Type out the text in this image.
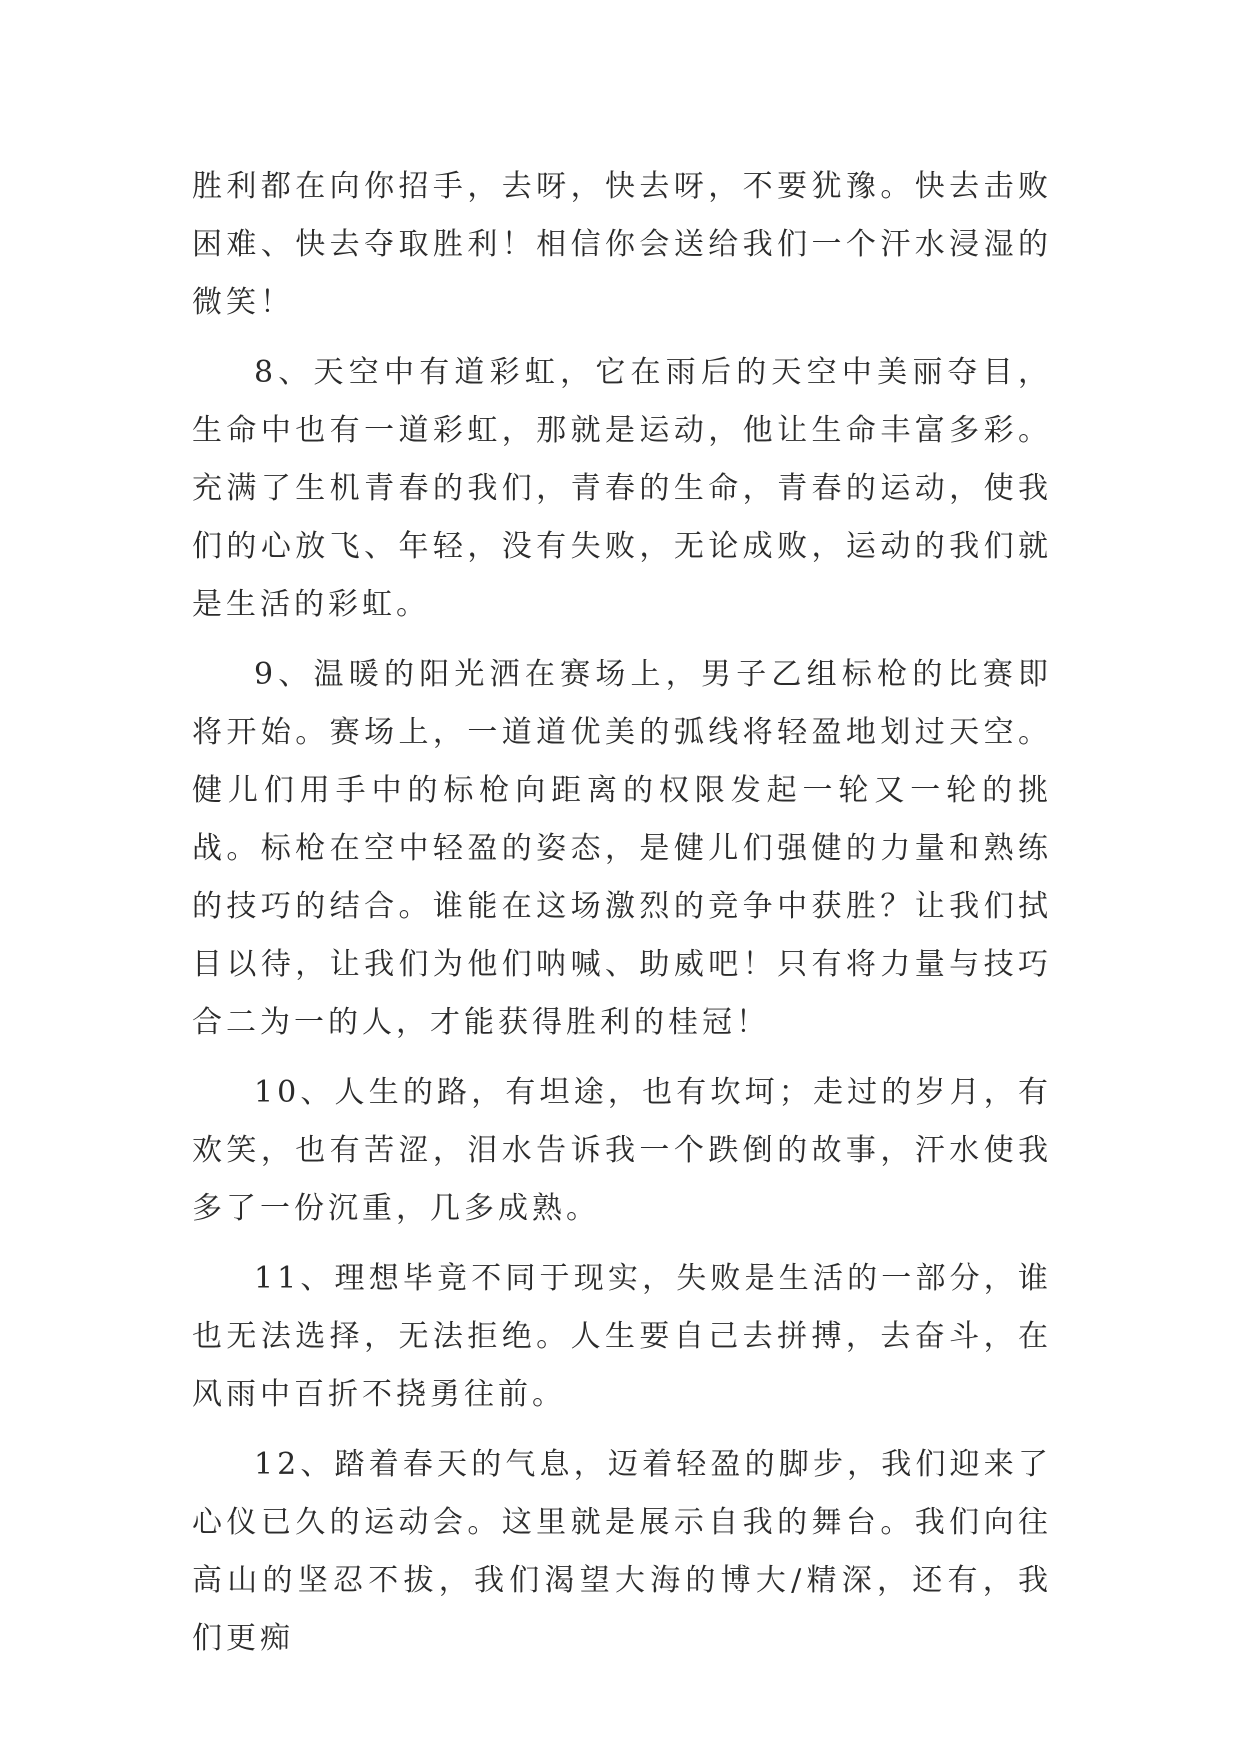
胜利都在向你招手，去呀，快去呀，不要犹豫。快去击败困难、快去夺取胜利！相信你会送给我们一个汗水浸湿的微笑！

8、天空中有道彩虹，它在雨后的天空中美丽夺目，生命中也有一道彩虹，那就是运动，他让生命丰富多彩。充满了生机青春的我们，青春的生命，青春的运动，使我们的心放飞、年轻，没有失败，无论成败，运动的我们就是生活的彩虹。

9、温暖的阳光洒在赛场上，男子乙组标枪的比赛即将开始。赛场上，一道道优美的弧线将轻盈地划过天空。健儿们用手中的标枪向距离的权限发起一轮又一轮的挑战。标枪在空中轻盈的姿态，是健儿们强健的力量和熟练的技巧的结合。谁能在这场激烈的竞争中获胜？让我们拭目以待，让我们为他们呐喊、助威吧！只有将力量与技巧合二为一的人，才能获得胜利的桂冠！

10、人生的路，有坦途，也有坎坷；走过的岁月，有欢笑，也有苦涩，泪水告诉我一个跌倒的故事，汗水使我多了一份沉重，几多成熟。

11、理想毕竟不同于现实，失败是生活的一部分，谁也无法选择，无法拒绝。人生要自己去拼搏，去奋斗，在风雨中百折不挠勇往前。

12、踏着春天的气息，迈着轻盈的脚步，我们迎来了心仪已久的运动会。这里就是展示自我的舞台。我们向往高山的坚忍不拔，我们渴望大海的博大/精深，还有，我们更痴
